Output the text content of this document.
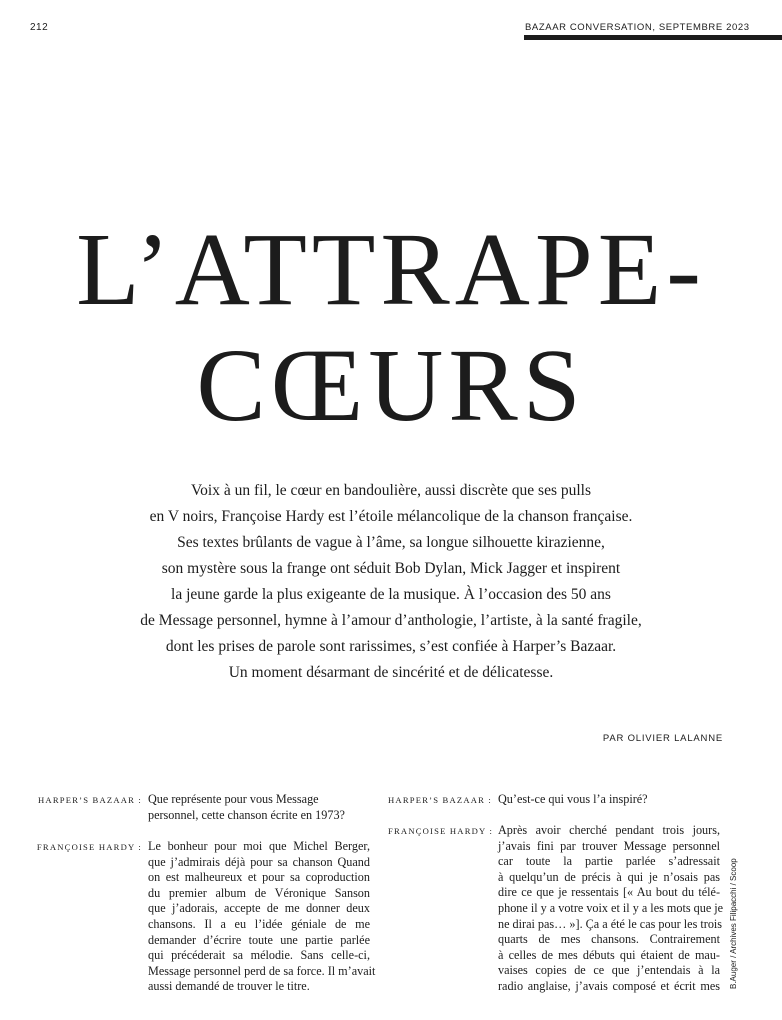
212	BAZAAR CONVERSATION, SEPTEMBRE 2023
L’ATTRAPE-
CŒURS
Voix à un fil, le cœur en bandoulière, aussi discrète que ses pulls
en V noirs, Françoise Hardy est l’étoile mélancolique de la chanson française.
Ses textes brûlants de vague à l’âme, sa longue silhouette kirazienne,
son mystère sous la frange ont séduit Bob Dylan, Mick Jagger et inspirent
la jeune garde la plus exigeante de la musique. À l’occasion des 50 ans
de Message personnel, hymne à l’amour d’anthologie, l’artiste, à la santé fragile,
dont les prises de parole sont rarissimes, s’est confiée à Harper’s Bazaar.
Un moment désarmant de sincérité et de délicatesse.
PAR OLIVIER LALANNE
HARPER’S BAZAAR : Que représente pour vous Message
personnel, cette chanson écrite en 1973?
FRANÇOISE HARDY : Le bonheur pour moi que Michel Berger,
que j’admirais déjà pour sa chanson Quand
on est malheureux et pour sa coproduction
du premier album de Véronique Sanson
que j’adorais, accepte de me donner deux
chansons. Il a eu l’idée géniale de me
demander d’écrire toute une partie parlée
qui précéderait sa mélodie. Sans celle-ci,
Message personnel perd de sa force. Il m’avait
aussi demandé de trouver le titre.
HARPER’S BAZAAR : Qu’est-ce qui vous l’a inspiré?
FRANÇOISE HARDY : Après avoir cherché pendant trois jours,
j’avais fini par trouver Message personnel
car toute la partie parlée s’adressait
à quelqu’un de précis à qui je n’osais pas
dire ce que je ressentais [« Au bout du télé-
phone il y a votre voix et il y a les mots que je
ne dirai pas… »]. Ça a été le cas pour les trois
quarts de mes chansons. Contrairement
à celles de mes débuts qui étaient de mau-
vaises copies de ce que j’entendais à la
radio anglaise, j’avais composé et écrit mes B.Auger / Archives Filipacchi / Scoop
